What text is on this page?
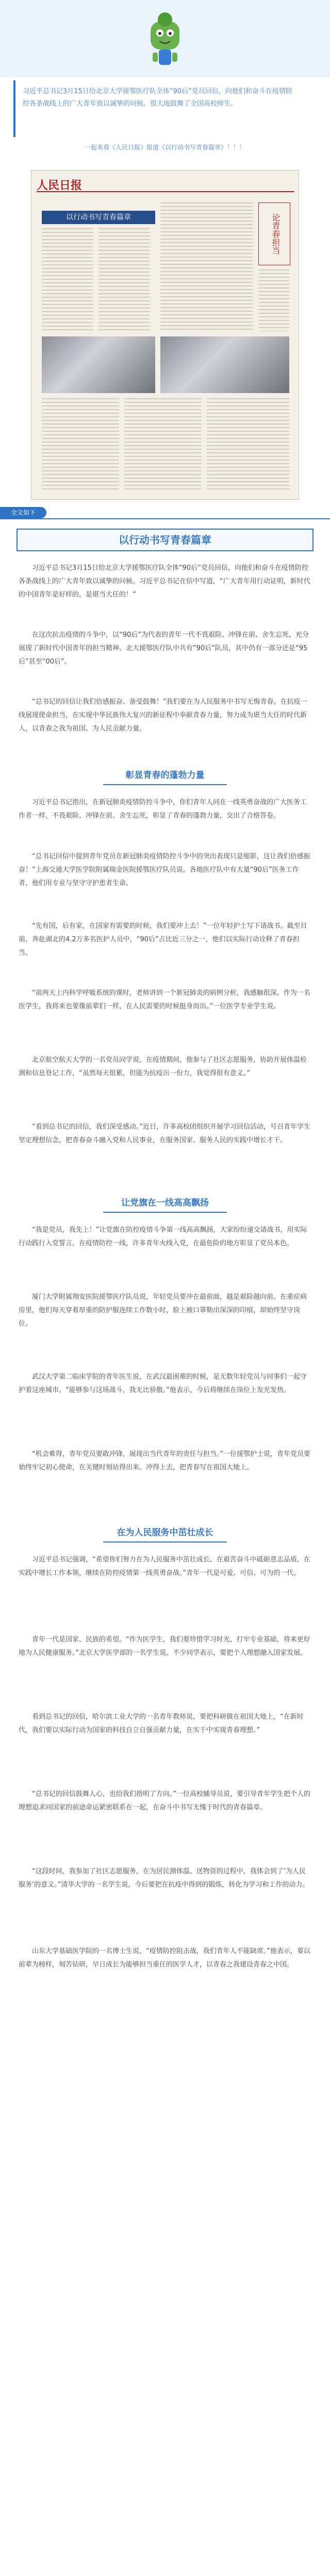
习近平总书记3月15日给北京大学援鄂医疗队全体“90后”党员回信，向他们和奋斗在疫情防控各条战线上的广大青年致以诚挚的问候。很大地鼓舞了全国高校师生。
一起来看《人民日报》报道《以行动书写青春篇章》！！！
人民日报
以行动书写青春篇章	论青春担当
全文如下
以行动书写青春篇章

习近平总书记3月15日给北京大学援鄂医疗队全体“90后”党员回信，向他们和奋斗在疫情防控各条战线上的广大青年致以诚挚的问候。习近平总书记在信中写道，“广大青年用行动证明，新时代的中国青年是好样的，是堪当大任的！”

在这次抗击疫情的斗争中，以“90后”为代表的青年一代不畏艰险、冲锋在前、舍生忘死，充分展现了新时代中国青年的担当精神。北大援鄂医疗队中共有“90后”队员，其中仍有一部分还是“95后”甚至“00后”。

“总书记的回信让我们倍感振奋、备受鼓舞！”我们要在为人民服务中书写无悔青春。在抗疫一线展现使命担当，在实现中华民族伟大复兴的新征程中奉献青春力量，努力成为堪当大任的时代新人，以青春之我为祖国、为人民贡献力量。

彰显青春的蓬勃力量

习近平总书记指出，在新冠肺炎疫情防控斗争中，你们青年人同在一线英勇奋战的广大医务工作者一样，不畏艰险、冲锋在前、舍生忘死，彰显了青春的蓬勃力量，交出了合格答卷。

“总书记回信中提到青年党员在新冠肺炎疫情防控斗争中的突出表现只是缩影，这让我们倍感振奋！”上海交通大学医学院附属瑞金医院援鄂医疗队员说。各地医疗队中有大量“90后”医务工作者，他们用专业与坚守守护患者生命。

“先有国，后有家，在国家有需要的时候，我们要冲上去！”一位年轻护士写下请战书。截至目前，奔赴湖北的4.2万多名医护人员中，“90后”占比近三分之一，他们以实际行动诠释了青春担当。

“前两天上内科学呼吸系统的课时，老师讲到一个新冠肺炎的病例分析，我感触很深。作为一名医学生，我将来也要像前辈们一样，在人民需要的时候挺身而出。”一位医学专业学生说。

北京航空航天大学的一名党员同学说，在疫情期间，他参与了社区志愿服务，协助开展体温检测和信息登记工作，“虽然每天很累，但能为抗疫出一份力，我觉得很有意义。”

“看到总书记的回信，我们深受感动。”近日，许多高校团组织开展学习回信活动，号召青年学生坚定理想信念，把青春奋斗融入党和人民事业，在服务国家、服务人民的实践中增长才干。

让党旗在一线高高飘扬

“我是党员，我先上！”让党旗在防控疫情斗争第一线高高飘扬，大家纷纷递交请战书，用实际行动践行入党誓言。在疫情防控一线，许多青年火线入党，在最危险的地方彰显了党员本色。

厦门大学附属翔安医院援鄂医疗队员说，年轻党员要冲在最前面，越是艰险越向前。在重症病房里，他们每天穿着厚重的防护服连续工作数小时，脸上被口罩勒出深深的印痕，却始终坚守岗位。

武汉大学第二临床学院的青年医生说，在武汉最困难的时候，是无数年轻党员与同事们一起守护着这座城市。“能够参与这场战斗，我无比骄傲。”他表示，今后将继续在岗位上发光发热。

“机会难得，青年党员要敢冲锋，展现出当代青年的责任与担当。”一位援鄂护士说，青年党员要始终牢记初心使命，在关键时刻站得出来、冲得上去，把青春写在祖国大地上。

在为人民服务中茁壮成长

习近平总书记强调，“希望你们努力在为人民服务中茁壮成长、在艰苦奋斗中砥砺意志品质、在实践中增长工作本领，继续在防控疫情第一线英勇奋战。”青年一代是可爱、可信、可为的一代。

青年一代是国家、民族的希望。“作为医学生，我们要珍惜学习时光，打牢专业基础，将来更好地为人民健康服务。”北京大学医学部的一名学生说。不少同学表示，要把个人理想融入国家发展。

看到总书记的回信，哈尔滨工业大学的一名青年教师说，要把科研做在祖国大地上，“在新时代，我们要以实际行动为国家的科技自立自强贡献力量，在实干中实现青春理想。”

“总书记的回信鼓舞人心，也给我们指明了方向。”一位高校辅导员说，要引导青年学生把个人的理想追求同国家的前途命运紧密联系在一起，在奋斗中书写无愧于时代的青春篇章。

“这段时间，我参加了社区志愿服务，在为居民测体温、送物资的过程中，我体会到了‘为人民服务’的意义。”清华大学的一名学生说，今后要把在抗疫中得到的锻炼，转化为学习和工作的动力。

山东大学基础医学院的一名博士生说，“疫情防控阻击战，我们青年人不能缺席。”他表示，要以前辈为榜样，刻苦钻研，早日成长为能够担当重任的医学人才，以青春之我建设青春之中国。
